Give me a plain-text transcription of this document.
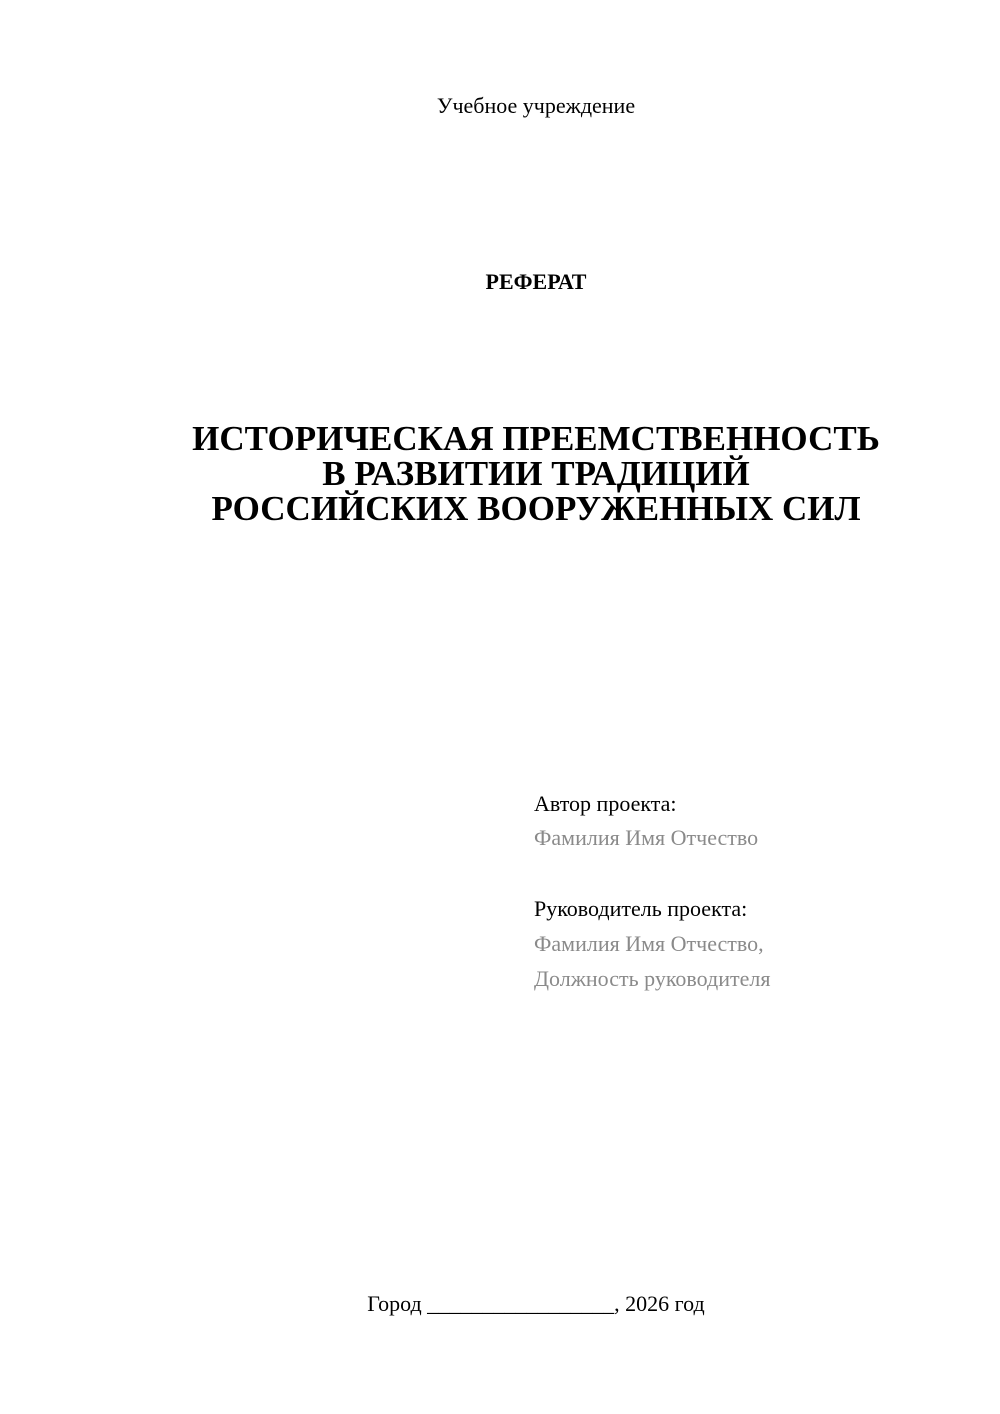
Учебное учреждение
РЕФЕРАТ
ИСТОРИЧЕСКАЯ ПРЕЕМСТВЕННОСТЬ
В РАЗВИТИИ ТРАДИЦИЙ
РОССИЙСКИХ ВООРУЖЕННЫХ СИЛ
Автор проекта:
Фамилия Имя Отчество
Руководитель проекта:
Фамилия Имя Отчество,
Должность руководителя
Город _________________, 2026 год
